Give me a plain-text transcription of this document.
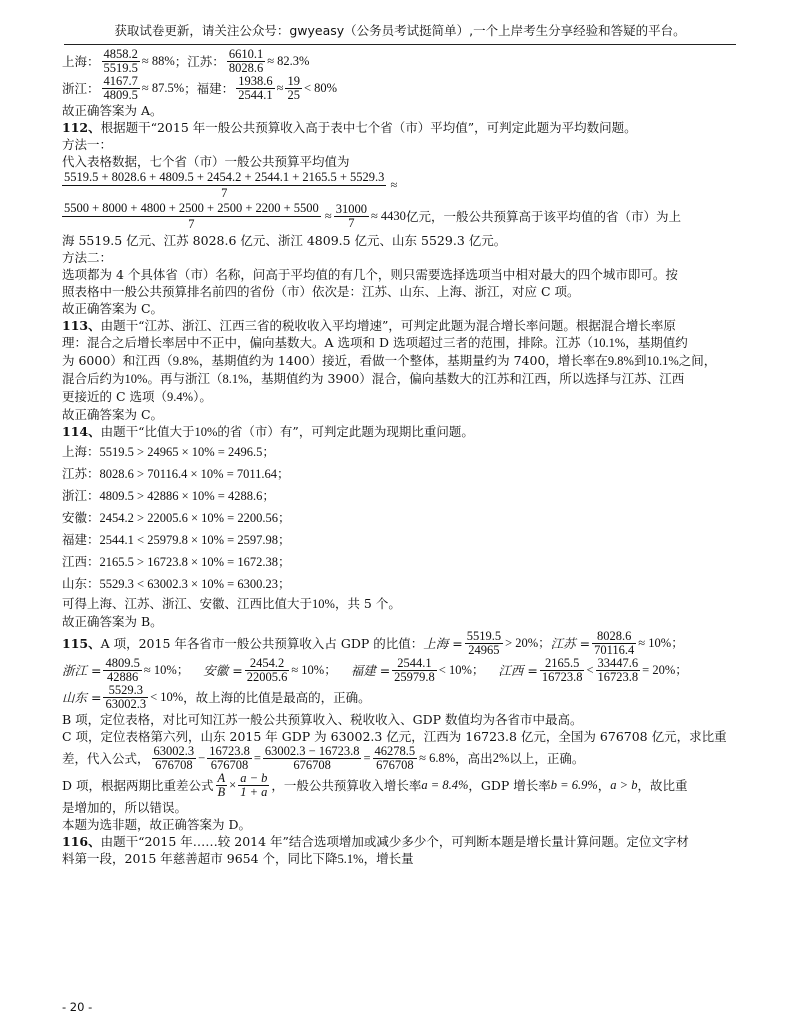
获取试卷更新，请关注公众号：gwyeasy（公务员考试挺简单）,一个上岸考生分享经验和答疑的平台。
上海： $\frac{4858.2}{5519.5} \approx 88\%$ ；江苏： $\frac{6610.1}{8028.6} \approx 82.3\%$
浙江： $\frac{4167.7}{4809.5} \approx 87.5\%$ ；福建： $\frac{1938.6}{2544.1} \approx \frac{19}{25} < 80\%$
故正确答案为 A。
112、根据题干“2015 年一般公共预算收入高于表中七个省（市）平均值”，可判定此题为平均数问题。
方法一：
代入表格数据，七个省（市）一般公共预算平均值为
$\frac{5519.5 + 8028.6 + 4809.5 + 2454.2 + 2544.1 + 2165.5 + 5529.3}{7}$ ≈
$\frac{5500 + 8000 + 4800 + 2500 + 2500 + 2200 + 5500}{7} \approx \frac{31000}{7} \approx 4430$ 亿元，一般公共预算高于该平均值的省（市）为上
海 5519.5 亿元、江苏 8028.6 亿元、浙江 4809.5 亿元、山东 5529.3 亿元。
方法二：
选项都为 4 个具体省（市）名称，问高于平均值的有几个，则只需要选择选项当中相对最大的四个城市即可。按
照表格中一般公共预算排名前四的省份（市）依次是：江苏、山东、上海、浙江，对应 C 项。
故正确答案为 C。
113、由题干“江苏、浙江、江西三省的税收收入平均增速”，可判定此题为混合增长率问题。根据混合增长率原
理：混合之后增长率居中不正中，偏向基数大。A 选项和 D 选项超过三者的范围，排除。江苏（10.1%，基期值约
为 6000）和江西（9.8%，基期值约为 1400）接近，看做一个整体，基期量约为 7400，增长率在9.8%到10.1%之间，
混合后约为10%。再与浙江（8.1%，基期值约为 3900）混合，偏向基数大的江苏和江西，所以选择与江苏、江西
更接近的 C 选项（9.4%）。
故正确答案为 C。
114、由题干“比值大于10%的省（市）有”，可判定此题为现期比重问题。
上海：5519.5 > 24965 × 10% = 2496.5；
江苏：8028.6 > 70116.4 × 10% = 7011.64；
浙江：4809.5 > 42886 × 10% = 4288.6；
安徽：2454.2 > 22005.6 × 10% = 2200.56；
福建：2544.1 < 25979.8 × 10% = 2597.98；
江西：2165.5 > 16723.8 × 10% = 1672.38；
山东：5529.3 < 63002.3 × 10% = 6300.23；
可得上海、江苏、浙江、安徽、江西比值大于10%，共 5 个。
故正确答案为 B。
115、 A 项，2015 年各省市一般公共预算收入占 GDP 的比值： 上海 = $\frac{5519.5}{24965} > 20\%$； 江苏 = $\frac{8028.6}{70116.4} \approx 10\%$；
浙江 = $\frac{4809.5}{42886} \approx 10\%$； 安徽 = $\frac{2454.2}{22005.6} \approx 10\%$； 福建 = $\frac{2544.1}{25979.8} < 10\%$； 江西 = $\frac{2165.5}{16723.8} < \frac{33447.6}{16723.8} = 20\%$；
山东 = $\frac{5529.3}{63002.3} < 10\%$ ，故上海的比值是最高的，正确。
B 项，定位表格，对比可知江苏一般公共预算收入、税收收入、GDP 数值均为各省市中最高。
C 项，定位表格第六列，山东 2015 年 GDP 为 63002.3 亿元，江西为 16723.8 亿元，全国为 676708 亿元，求比重
差，代入公式， $\frac{63002.3}{676708} - \frac{16723.8}{676708} = \frac{63002.3 - 16723.8}{676708} = \frac{46278.5}{676708} \approx 6.8\%$ ，高出 2% 以上，正确。
D 项，根据两期比重差公式 $\frac{A}{B} \times \frac{a - b}{1 + a}$ ，一般公共预算收入增长率 a = 8.4% ，GDP 增长率 b = 6.9% ， a > b ，故比重
是增加的，所以错误。
本题为选非题，故正确答案为 D。
116、由题干“2015 年……较 2014 年”结合选项增加或减少多少个，可判断本题是增长量计算问题。定位文字材
料第一段，2015 年慈善超市 9654 个，同比下降5.1%，增长量
- 20 -
